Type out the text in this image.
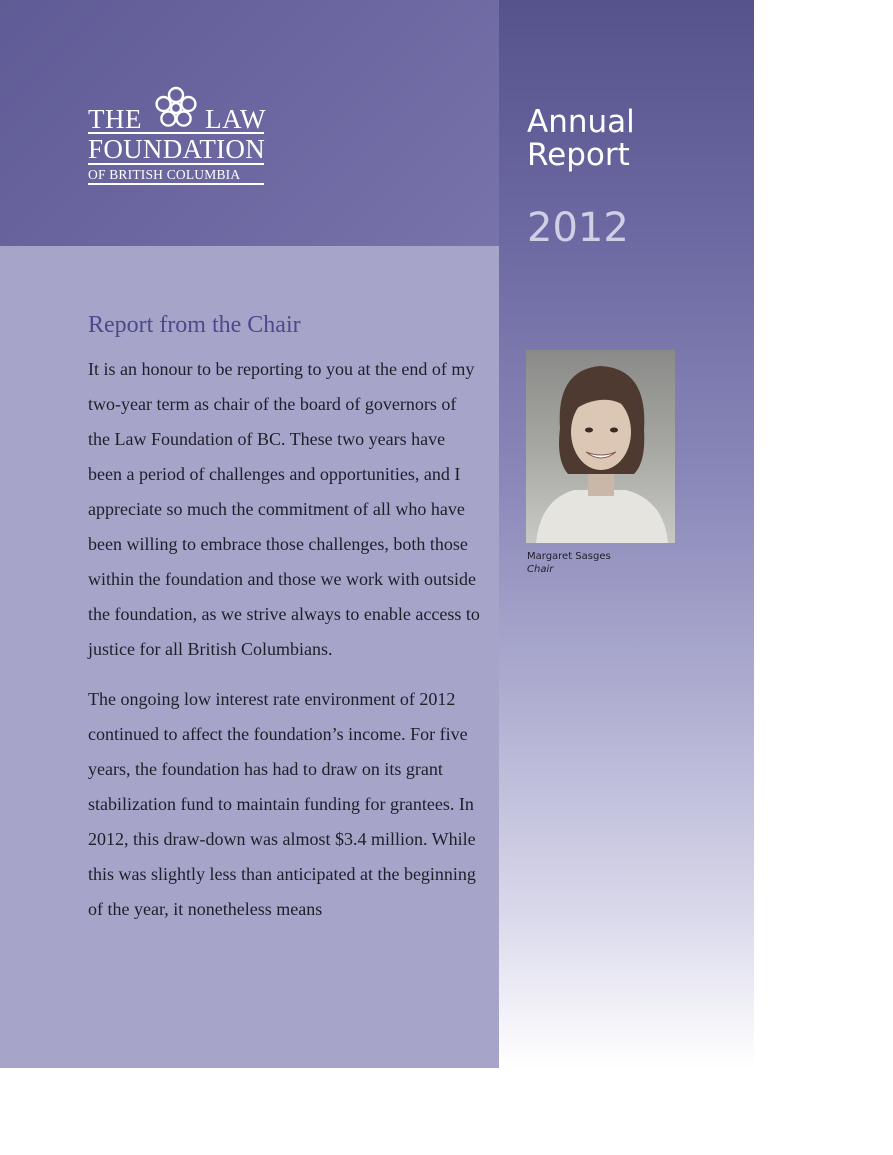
THE LAW
FOUNDATION
OF BRITISH COLUMBIA
Annual
Report
2012
Report from the Chair

It is an honour to be reporting to you at the end of my two-year term as chair of the board of governors of the Law Foundation of BC. These two years have been a period of challenges and opportunities, and I appreciate so much the commitment of all who have been willing to embrace those challenges, both those within the foundation and those we work with outside the foundation, as we strive always to enable access to justice for all British Columbians.

The ongoing low interest rate environment of 2012 continued to affect the foundation’s income. For five years, the foundation has had to draw on its grant stabilization fund to maintain funding for grantees. In 2012, this draw-down was almost $3.4 million. While this was slightly less than anticipated at the beginning of the year, it nonetheless means

Margaret Sasges
Chair
